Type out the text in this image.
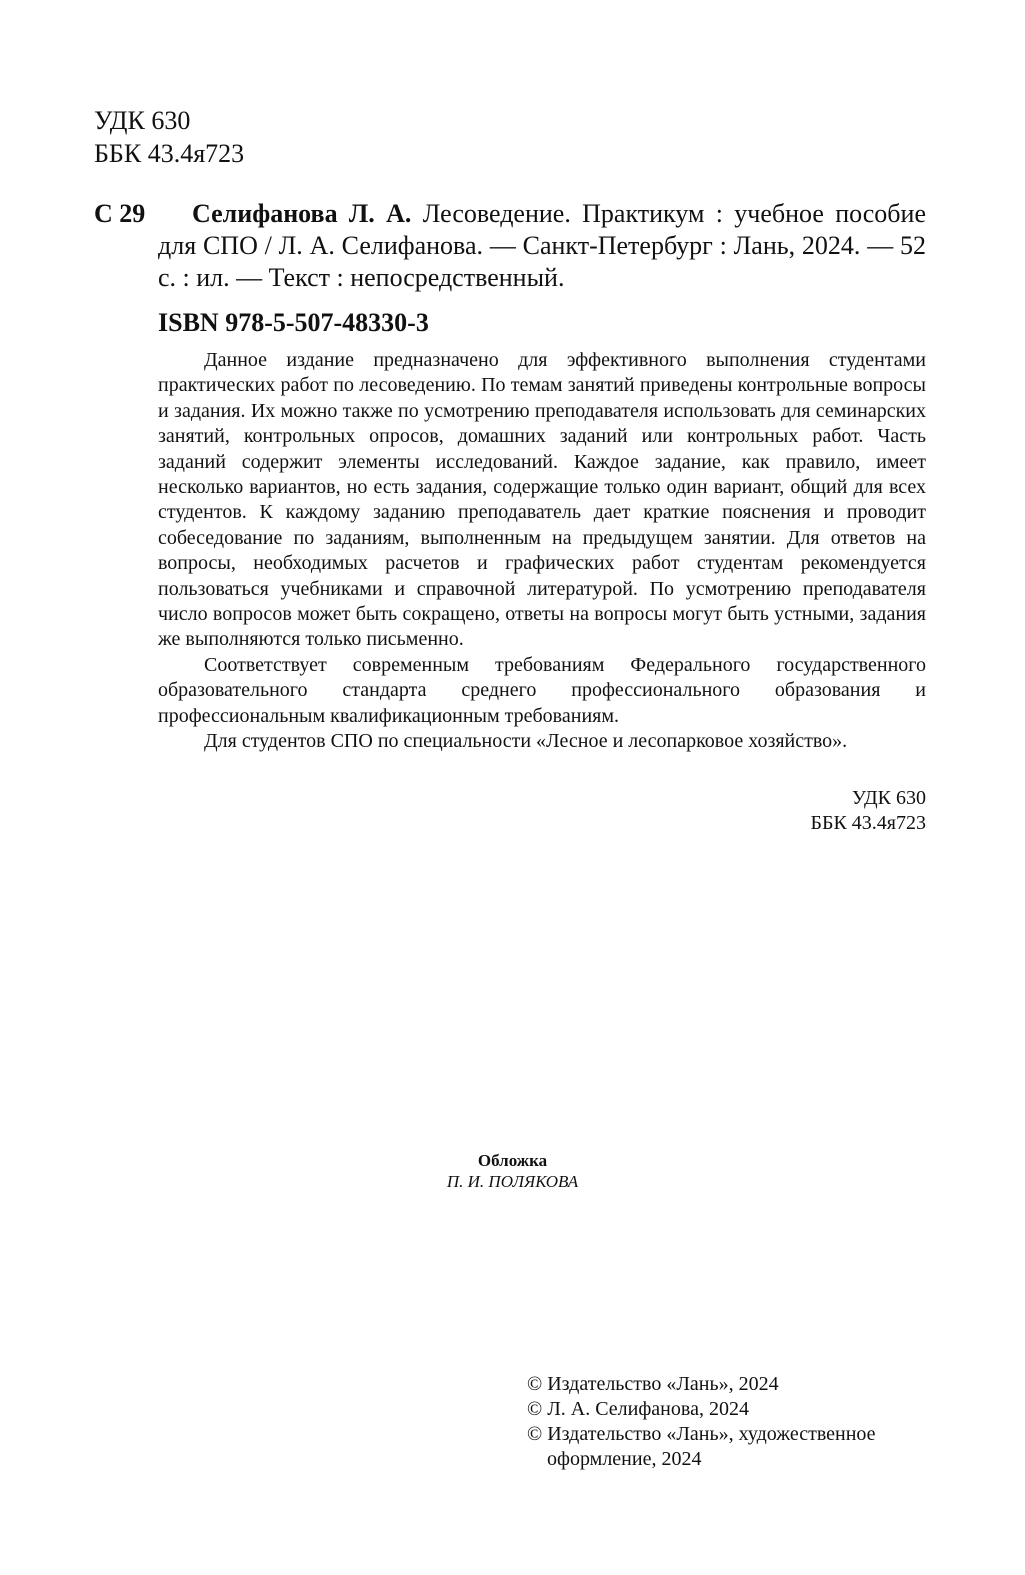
УДК 630
ББК 43.4я723
С 29	Селифанова Л. А. Лесоведение. Практикум : учебное пособие для СПО / Л. А. Селифанова. — Санкт-Петербург : Лань, 2024. — 52 с. : ил. — Текст : непосредственный.
ISBN 978-5-507-48330-3

Данное издание предназначено для эффективного выполнения студентами практических работ по лесоведению. По темам занятий приведены контрольные вопросы и задания. Их можно также по усмотрению преподавателя использовать для семинарских занятий, контрольных опросов, домашних заданий или контрольных работ. Часть заданий содержит элементы исследований. Каждое задание, как правило, имеет несколько вариантов, но есть задания, содержащие только один вариант, общий для всех студентов. К каждому заданию преподаватель дает краткие пояснения и проводит собеседование по заданиям, выполненным на предыдущем занятии. Для ответов на вопросы, необходимых расчетов и графических работ студентам рекомендуется пользоваться учебниками и справочной литературой. По усмотрению преподавателя число вопросов может быть сокращено, ответы на вопросы могут быть устными, задания же выполняются только письменно.

Соответствует современным требованиям Федерального государственного образовательного стандарта среднего профессионального образования и профессиональным квалификационным требованиям.

Для студентов СПО по специальности «Лесное и лесопарковое хозяйство».

УДК 630
ББК 43.4я723
Обложка
П. И. ПОЛЯКОВА
© Издательство «Лань», 2024
© Л. А. Селифанова, 2024
© Издательство «Лань», художественное оформление, 2024
